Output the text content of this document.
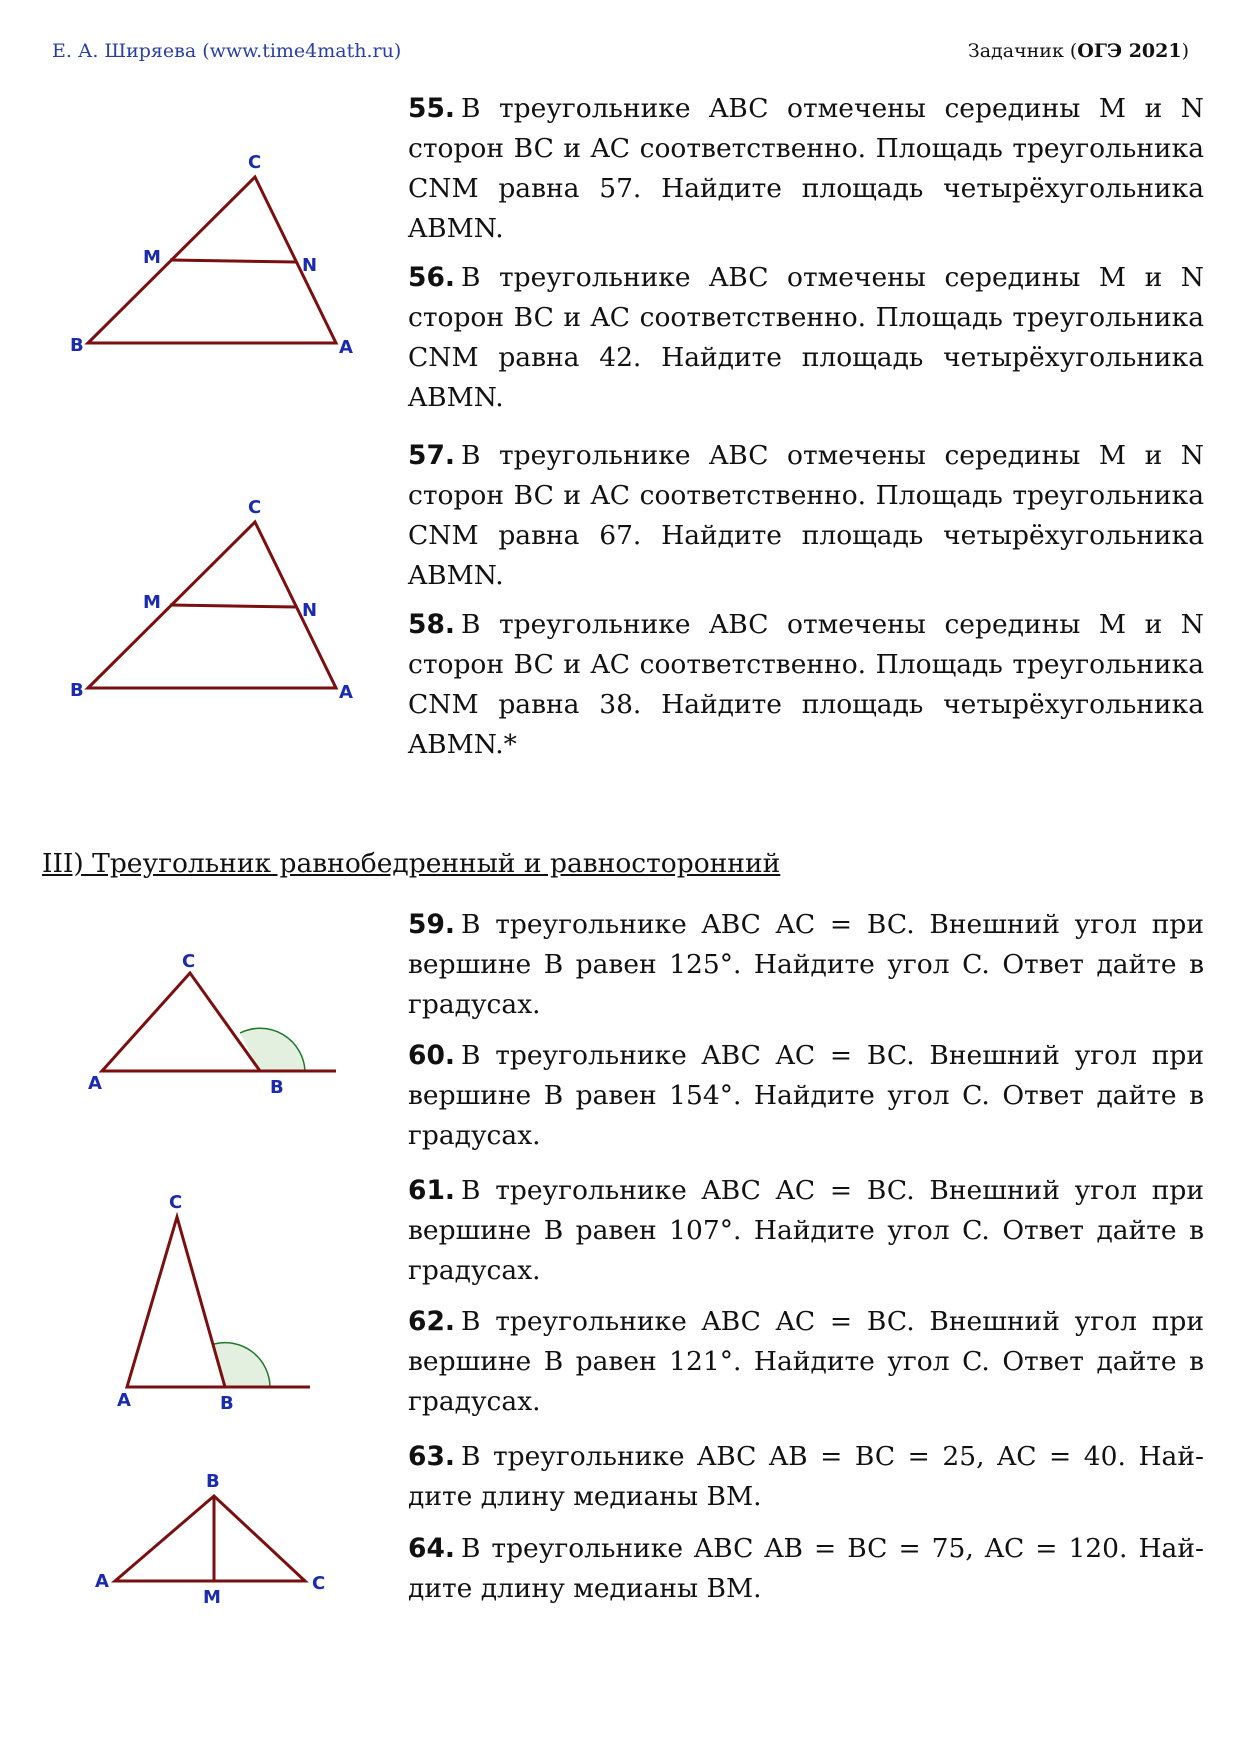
Е. А. Ширяева (www.time4math.ru)	Задачник (ОГЭ 2021)
C
M	N
B	A
C
M	N
B	A
C
A	B
C
A	B
B
A
M
C
55. В треугольнике ABC отмечены середины M и N сторон BC и AC соответственно. Площадь треугольника CNM равна 57. Найдите площадь четырёхугольника ABMN.
56. В треугольнике ABC отмечены середины M и N сторон BC и AC соответственно. Площадь треугольника CNM равна 42. Найдите площадь четырёхугольника ABMN.
57. В треугольнике ABC отмечены середины M и N сторон BC и AC соответственно. Площадь треугольника CNM равна 67. Найдите площадь четырёхугольника ABMN.
58. В треугольнике ABC отмечены середины M и N сторон BC и AC соответственно. Площадь треугольника CNM равна 38. Найдите площадь четырёхугольника ABMN.*
III) Треугольник равнобедренный и равносторонний
59. В треугольнике ABC AC = BC. Внешний угол при вершине B равен 125°. Найдите угол C. Ответ дайте в градусах.
60. В треугольнике ABC AC = BC. Внешний угол при вершине B равен 154°. Найдите угол C. Ответ дайте в градусах.
61. В треугольнике ABC AC = BC. Внешний угол при вершине B равен 107°. Найдите угол C. Ответ дайте в градусах.
62. В треугольнике ABC AC = BC. Внешний угол при вершине B равен 121°. Найдите угол C. Ответ дайте в градусах.
63. В треугольнике ABC AB = BC = 25, AC = 40. Найдите длину медианы BM.
64. В треугольнике ABC AB = BC = 75, AC = 120. Найдите длину медианы BM.
